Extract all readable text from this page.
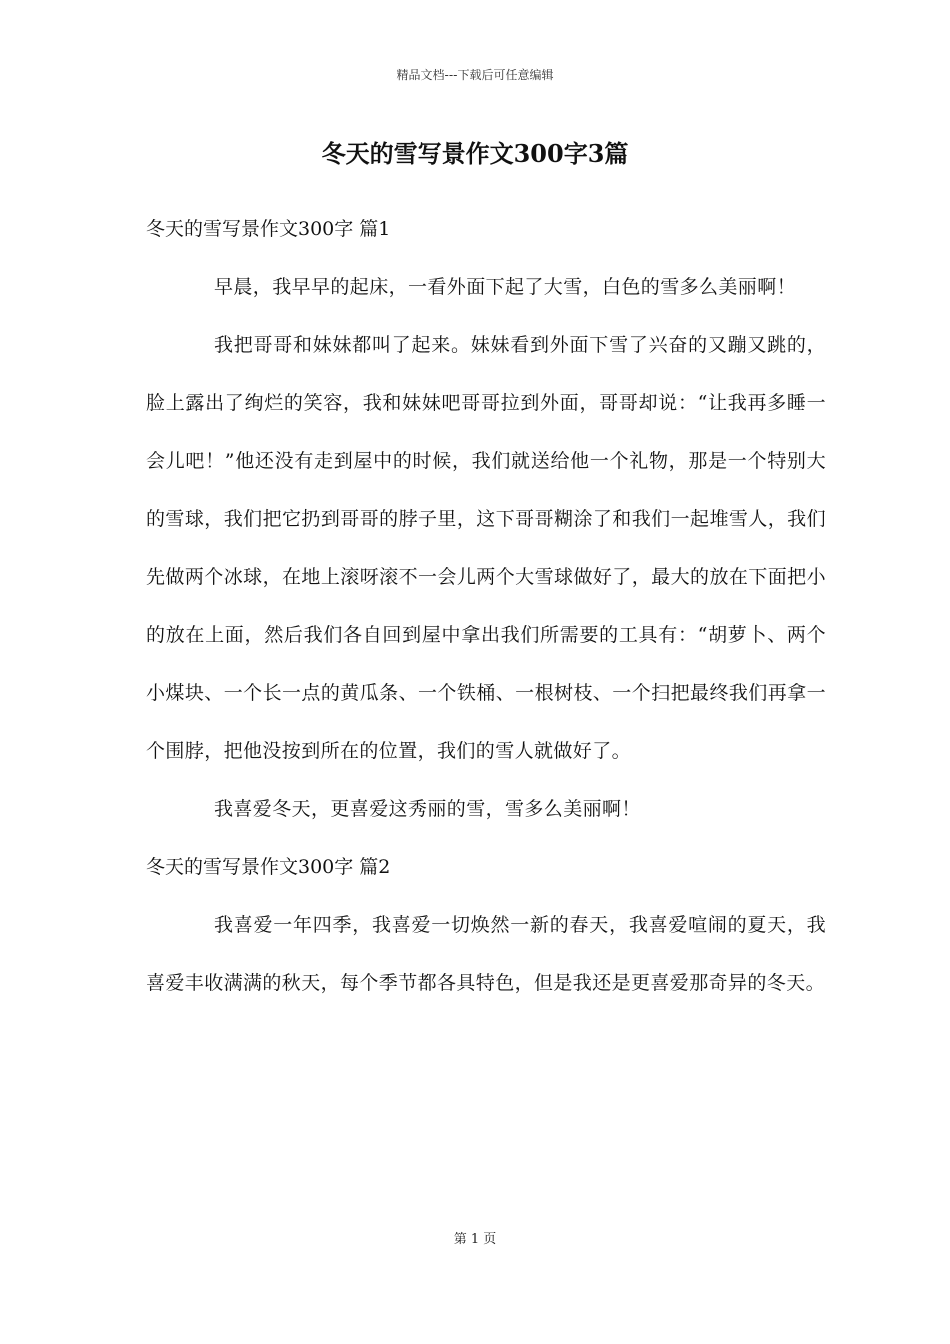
精品文档---下载后可任意编辑
冬天的雪写景作文300字3篇
冬天的雪写景作文300字 篇1

早晨，我早早的起床，一看外面下起了大雪，白色的雪多么美丽啊！

我把哥哥和妹妹都叫了起来。妹妹看到外面下雪了兴奋的又蹦又跳的，脸上露出了绚烂的笑容，我和妹妹吧哥哥拉到外面，哥哥却说：“让我再多睡一会儿吧！”他还没有走到屋中的时候，我们就送给他一个礼物，那是一个特别大的雪球，我们把它扔到哥哥的脖子里，这下哥哥糊涂了和我们一起堆雪人，我们先做两个冰球，在地上滚呀滚不一会儿两个大雪球做好了，最大的放在下面把小的放在上面，然后我们各自回到屋中拿出我们所需要的工具有：“胡萝卜、两个小煤块、一个长一点的黄瓜条、一个铁桶、一根树枝、一个扫把最终我们再拿一个围脖，把他没按到所在的位置，我们的雪人就做好了。

我喜爱冬天，更喜爱这秀丽的雪，雪多么美丽啊！

冬天的雪写景作文300字 篇2

我喜爱一年四季，我喜爱一切焕然一新的春天，我喜爱喧闹的夏天，我喜爱丰收满满的秋天，每个季节都各具特色，但是我还是更喜爱那奇异的冬天。

第 1 页
